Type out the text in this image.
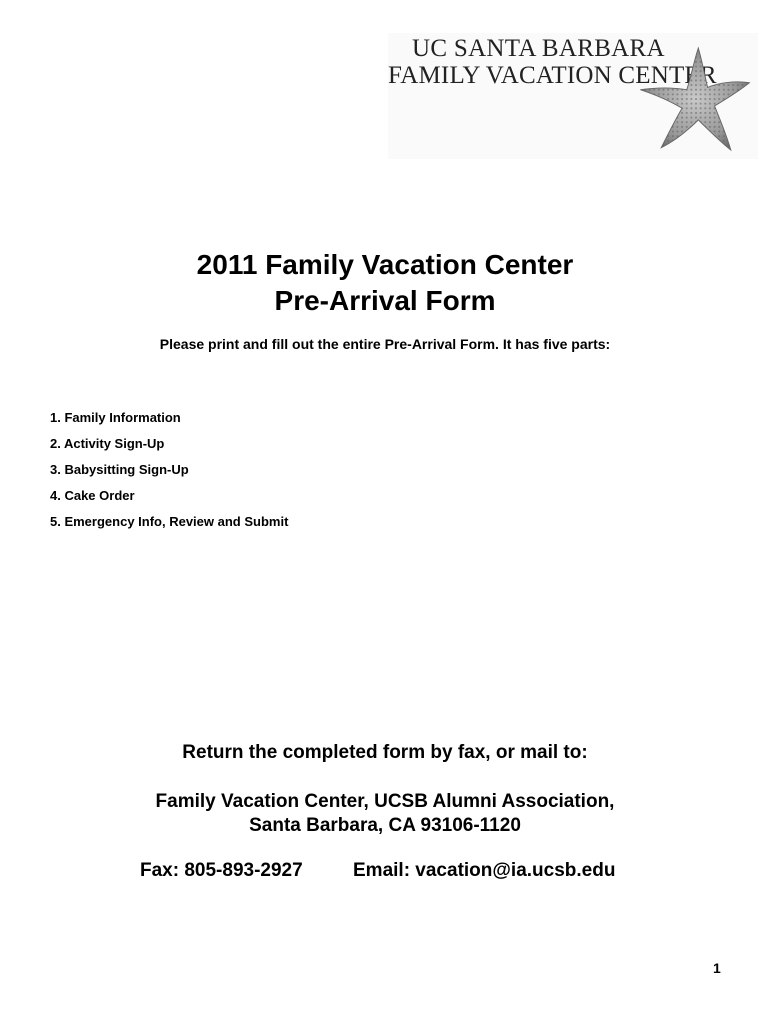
UC SANTA BARBARA
FAMILY VACATION CENTER
2011 Family Vacation Center
Pre-Arrival Form
Please print and fill out the entire Pre-Arrival Form. It has five parts:
1. Family Information
2. Activity Sign-Up
3. Babysitting Sign-Up
4. Cake Order
5. Emergency Info, Review and Submit
Return the completed form by fax, or mail to:
Family Vacation Center, UCSB Alumni Association,
Santa Barbara, CA 93106-1120
Fax: 805-893-2927	Email: vacation@ia.ucsb.edu
1
